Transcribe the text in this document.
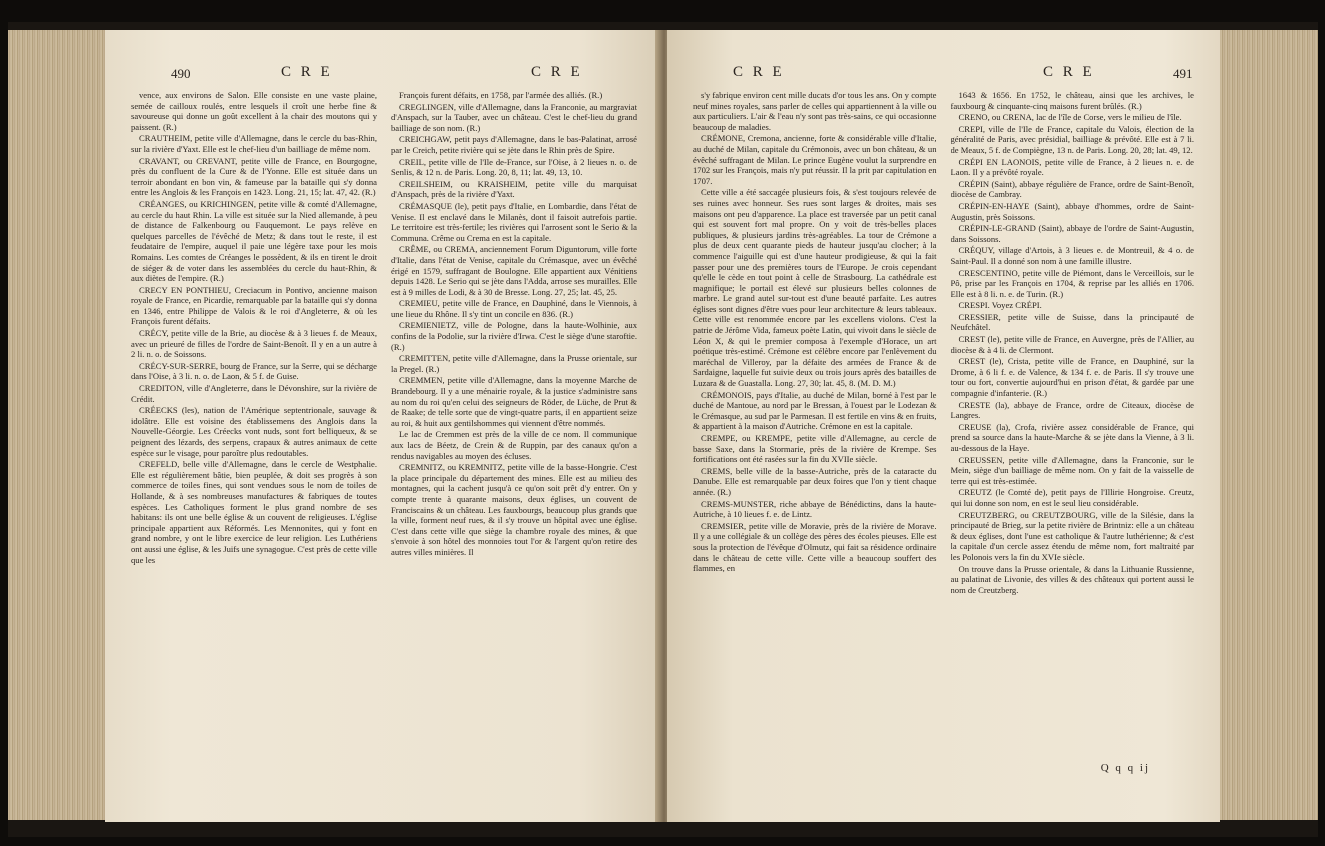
490	C R E	C R E

vence, aux environs de Salon. Elle consiste en une vaste plaine, semée de cailloux roulés, entre lesquels il croît une herbe fine & savoureuse qui donne un goût excellent à la chair des moutons qui y paissent. (R.)

CRAUTHEIM, petite ville d'Allemagne, dans le cercle du bas-Rhin, sur la rivière d'Yaxt. Elle est le chef-lieu d'un bailliage de même nom.

CRAVANT, ou CREVANT, petite ville de France, en Bourgogne, près du confluent de la Cure & de l'Yonne. Elle est située dans un terroir abondant en bon vin, & fameuse par la bataille qui s'y donna entre les Anglois & les François en 1423. Long. 21, 15; lat. 47, 42. (R.)

CRÉANGES, ou KRICHINGEN, petite ville & comté d'Allemagne, au cercle du haut Rhin. La ville est située sur la Nied allemande, à peu de distance de Falkenbourg ou Fauquemont. Le pays relève en quelques parcelles de l'évêché de Metz; & dans tout le reste, il est feudataire de l'empire, auquel il paie une légère taxe pour les mois Romains. Les comtes de Créanges le possèdent, & ils en tirent le droit de siéger & de voter dans les assemblées du cercle du haut-Rhin, & aux diètes de l'empire. (R.)

CRECY EN PONTHIEU, Creciacum in Pontivo, ancienne maison royale de France, en Picardie, remarquable par la bataille qui s'y donna en 1346, entre Philippe de Valois & le roi d'Angleterre, & où les François furent défaits.

CRÉCY, petite ville de la Brie, au diocèse & à 3 lieues f. de Meaux, avec un prieuré de filles de l'ordre de Saint-Benoît. Il y en a un autre à 2 li. n. o. de Soissons.

CRÉCY-SUR-SERRE, bourg de France, sur la Serre, qui se décharge dans l'Oise, à 3 li. n. o. de Laon, & 5 f. de Guise.

CREDITON, ville d'Angleterre, dans le Dévonshire, sur la rivière de Crédit.

CRÉECKS (les), nation de l'Amérique septentrionale, sauvage & idolâtre. Elle est voisine des établissemens des Anglois dans la Nouvelle-Géorgie. Les Créecks vont nuds, sont fort belliqueux, & se peignent des lézards, des serpens, crapaux & autres animaux de cette espèce sur le visage, pour paroître plus redoutables.

CREFELD, belle ville d'Allemagne, dans le cercle de Westphalie. Elle est régulièrement bâtie, bien peuplée, & doit ses progrès à son commerce de toiles fines, qui sont vendues sous le nom de toiles de Hollande, & à ses nombreuses manufactures & fabriques de toutes espèces. Les Catholiques forment le plus grand nombre de ses habitans: ils ont une belle église & un couvent de religieuses. L'église principale appartient aux Réformés. Les Mennonites, qui y font en grand nombre, y ont le libre exercice de leur religion. Les Luthériens ont aussi une église, & les Juifs une synagogue. C'est près de cette ville que les

François furent défaits, en 1758, par l'armée des alliés. (R.)

CREGLINGEN, ville d'Allemagne, dans la Franconie, au margraviat d'Anspach, sur la Tauber, avec un château. C'est le chef-lieu du grand bailliage de son nom. (R.)

CREICHGAW, petit pays d'Allemagne, dans le bas-Palatinat, arrosé par le Creich, petite rivière qui se jète dans le Rhin près de Spire.

CREIL, petite ville de l'Ile de-France, sur l'Oise, à 2 lieues n. o. de Senlis, & 12 n. de Paris. Long. 20, 8, 11; lat. 49, 13, 10.

CREILSHEIM, ou KRAISHEIM, petite ville du marquisat d'Anspach, près de la rivière d'Yaxt.

CRÉMASQUE (le), petit pays d'Italie, en Lombardie, dans l'état de Venise. Il est enclavé dans le Milanès, dont il faisoit autrefois partie. Le territoire est très-fertile; les rivières qui l'arrosent sont le Serio & la Communa. Crême ou Crema en est la capitale.

CRÊME, ou CREMA, anciennement Forum Diguntorum, ville forte d'Italie, dans l'état de Venise, capitale du Crémasque, avec un évêché érigé en 1579, suffragant de Boulogne. Elle appartient aux Vénitiens depuis 1428. Le Serio qui se jète dans l'Adda, arrose ses murailles. Elle est à 9 milles de Lodi, & à 30 de Bresse. Long. 27, 25; lat. 45, 25.

CREMIEU, petite ville de France, en Dauphiné, dans le Viennois, à une lieue du Rhône. Il s'y tint un concile en 836. (R.)

CREMIENIETZ, ville de Pologne, dans la haute-Wolhinie, aux confins de la Podolie, sur la rivière d'Irwa. C'est le siège d'une staroftie. (R.)

CREMITTEN, petite ville d'Allemagne, dans la Prusse orientale, sur la Pregel. (R.)

CREMMEN, petite ville d'Allemagne, dans la moyenne Marche de Brandebourg. Il y a une ménairie royale, & la justice s'administre sans au nom du roi qu'en celui des seigneurs de Röder, de Lüche, de Prut & de Raake; de telle sorte que de vingt-quatre parts, il en appartient seize au roi, & huit aux gentilshommes qui viennent d'être nommés.

Le lac de Cremmen est près de la ville de ce nom. Il communique aux lacs de Béetz, de Crein & de Ruppin, par des canaux qu'on a rendus navigables au moyen des écluses.

CREMNITZ, ou KREMNITZ, petite ville de la basse-Hongrie. C'est la place principale du département des mines. Elle est au milieu des montagnes, qui la cachent jusqu'à ce qu'on soit prêt d'y entrer. On y compte trente à quarante maisons, deux églises, un couvent de Franciscains & un château. Les fauxbourgs, beaucoup plus grands que la ville, forment neuf rues, & il s'y trouve un hôpital avec une église. C'est dans cette ville que siège la chambre royale des mines, & que s'envoie à son hôtel des monnoies tout l'or & l'argent qu'on retire des autres villes minières. Il

C R E	C R E	491

s'y fabrique environ cent mille ducats d'or tous les ans. On y compte neuf mines royales, sans parler de celles qui appartiennent à la ville ou aux particuliers. L'air & l'eau n'y sont pas très-sains, ce qui occasionne beaucoup de maladies.

CRÉMONE, Cremona, ancienne, forte & considérable ville d'Italie, au duché de Milan, capitale du Crémonois, avec un bon château, & un évêché suffragant de Milan. Le prince Eugène voulut la surprendre en 1702 sur les François, mais n'y put réussir. Il la prit par capitulation en 1707.

Cette ville a été saccagée plusieurs fois, & s'est toujours relevée de ses ruines avec honneur. Ses rues sont larges & droites, mais ses maisons ont peu d'apparence. La place est traversée par un petit canal qui est souvent fort mal propre. On y voit de très-belles places publiques, & plusieurs jardins très-agréables. La tour de Crémone a plus de deux cent quarante pieds de hauteur jusqu'au clocher; à la commence l'aiguille qui est d'une hauteur prodigieuse, & qui la fait passer pour une des premières tours de l'Europe. Je crois cependant qu'elle le cède en tout point à celle de Strasbourg. La cathédrale est magnifique; le portail est élevé sur plusieurs belles colonnes de marbre. Le grand autel sur-tout est d'une beauté parfaite. Les autres églises sont dignes d'être vues pour leur architecture & leurs tableaux. Cette ville est renommée encore par les excellens violons. C'est la patrie de Jérôme Vida, fameux poète Latin, qui vivoit dans le siècle de Léon X, & qui le premier composa à l'exemple d'Horace, un art poétique très-estimé. Crémone est célèbre encore par l'enlèvement du maréchal de Villeroy, par la défaite des armées de France & de Sardaigne, laquelle fut suivie deux ou trois jours après des batailles de Luzara & de Guastalla. Long. 27, 30; lat. 45, 8. (M. D. M.)

CRÉMONOIS, pays d'Italie, au duché de Milan, borné à l'est par le duché de Mantoue, au nord par le Bressan, à l'ouest par le Lodezan & le Crémasque, au sud par le Parmesan. Il est fertile en vins & en fruits, & appartient à la maison d'Autriche. Crémone en est la capitale.

CREMPE, ou KREMPE, petite ville d'Allemagne, au cercle de basse Saxe, dans la Stormarie, près de la rivière de Krempe. Ses fortifications ont été rasées sur la fin du XVIIe siècle.

CREMS, belle ville de la basse-Autriche, près de la cataracte du Danube. Elle est remarquable par deux foires que l'on y tient chaque année. (R.)

CREMS-MUNSTER, riche abbaye de Bénédictins, dans la haute-Autriche, à 10 lieues f. e. de Lintz.

CREMSIER, petite ville de Moravie, près de la rivière de Morave. Il y a une collégiale & un collège des pères des écoles pieuses. Elle est sous la protection de l'évêque d'Olmutz, qui fait sa résidence ordinaire dans le château de cette ville. Cette ville a beaucoup souffert des flammes, en

1643 & 1656. En 1752, le château, ainsi que les archives, le fauxbourg & cinquante-cinq maisons furent brûlés. (R.)

CRENO, ou CRENA, lac de l'île de Corse, vers le milieu de l'île.

CREPI, ville de l'Ile de France, capitale du Valois, élection de la généralité de Paris, avec présidial, bailliage & prévôté. Elle est à 7 li. de Meaux, 5 f. de Compiègne, 13 n. de Paris. Long. 20, 28; lat. 49, 12.

CRÉPI EN LAONOIS, petite ville de France, à 2 lieues n. e. de Laon. Il y a prévôté royale.

CRÉPIN (Saint), abbaye régulière de France, ordre de Saint-Benoît, diocèse de Cambray.

CRÉPIN-EN-HAYE (Saint), abbaye d'hommes, ordre de Saint-Augustin, près Soissons.

CRÉPIN-LE-GRAND (Saint), abbaye de l'ordre de Saint-Augustin, dans Soissons.

CRÉQUY, village d'Artois, à 3 lieues e. de Montreuil, & 4 o. de Saint-Paul. Il a donné son nom à une famille illustre.

CRESCENTINO, petite ville de Piémont, dans le Verceillois, sur le Pô, prise par les François en 1704, & reprise par les alliés en 1706. Elle est à 8 li. n. e. de Turin. (R.)

CRESPI. Voyez CRÉPI.

CRESSIER, petite ville de Suisse, dans la principauté de Neufchâtel.

CREST (le), petite ville de France, en Auvergne, près de l'Allier, au diocèse & à 4 li. de Clermont.

CREST (le), Crista, petite ville de France, en Dauphiné, sur la Drome, à 6 li f. e. de Valence, & 134 f. e. de Paris. Il s'y trouve une tour ou fort, convertie aujourd'hui en prison d'état, & gardée par une compagnie d'infanterie. (R.)

CRESTE (la), abbaye de France, ordre de Citeaux, diocèse de Langres.

CREUSE (la), Crofa, rivière assez considérable de France, qui prend sa source dans la haute-Marche & se jète dans la Vienne, à 3 li. au-dessous de la Haye.

CREUSSEN, petite ville d'Allemagne, dans la Franconie, sur le Mein, siège d'un bailliage de même nom. On y fait de la vaisselle de terre qui est très-estimée.

CREUTZ (le Comté de), petit pays de l'Illirie Hongroise. Creutz, qui lui donne son nom, en est le seul lieu considérable.

CREUTZBERG, ou CREUTZBOURG, ville de la Silésie, dans la principauté de Brieg, sur la petite rivière de Brintniz: elle a un château & deux églises, dont l'une est catholique & l'autre luthérienne; & c'est la capitale d'un cercle assez étendu de même nom, fort maltraité par les Polonois vers la fin du XVIe siècle.

On trouve dans la Prusse orientale, & dans la Lithuanie Russienne, au palatinat de Livonie, des villes & des châteaux qui portent aussi le nom de Creutzberg.

Q q q ij
